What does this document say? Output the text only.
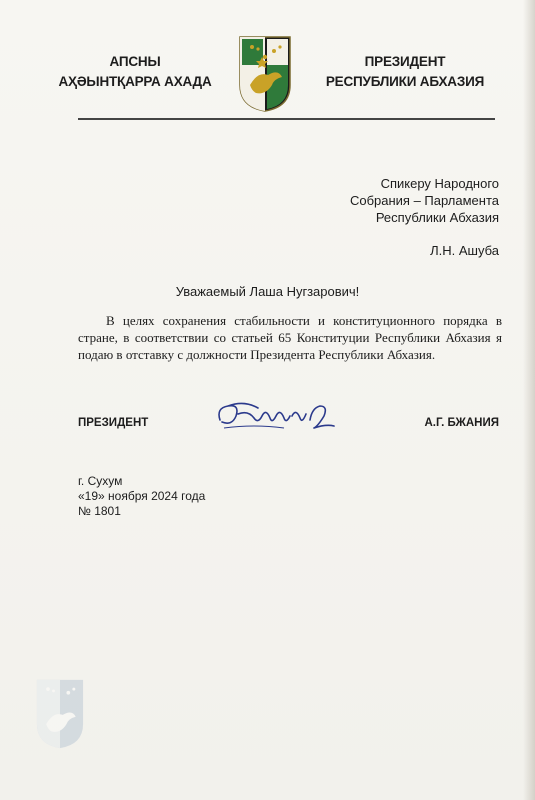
АПСНЫ
АҲӘЫНТҚАРРА АХАДА
ПРЕЗИДЕНТ
РЕСПУБЛИКИ АБХАЗИЯ
Спикеру Народного
Собрания – Парламента
Республики Абхазия
Л.Н. Ашуба
Уважаемый Лаша Нугзарович!
В целях сохранения стабильности и конституционного порядка в стране, в соответствии со статьей 65 Конституции Республики Абхазия я подаю в отставку с должности Президента Республики Абхазия.
ПРЕЗИДЕНТ	А.Г. БЖАНИЯ
г. Сухум
«19» ноября 2024 года
№ 1801
